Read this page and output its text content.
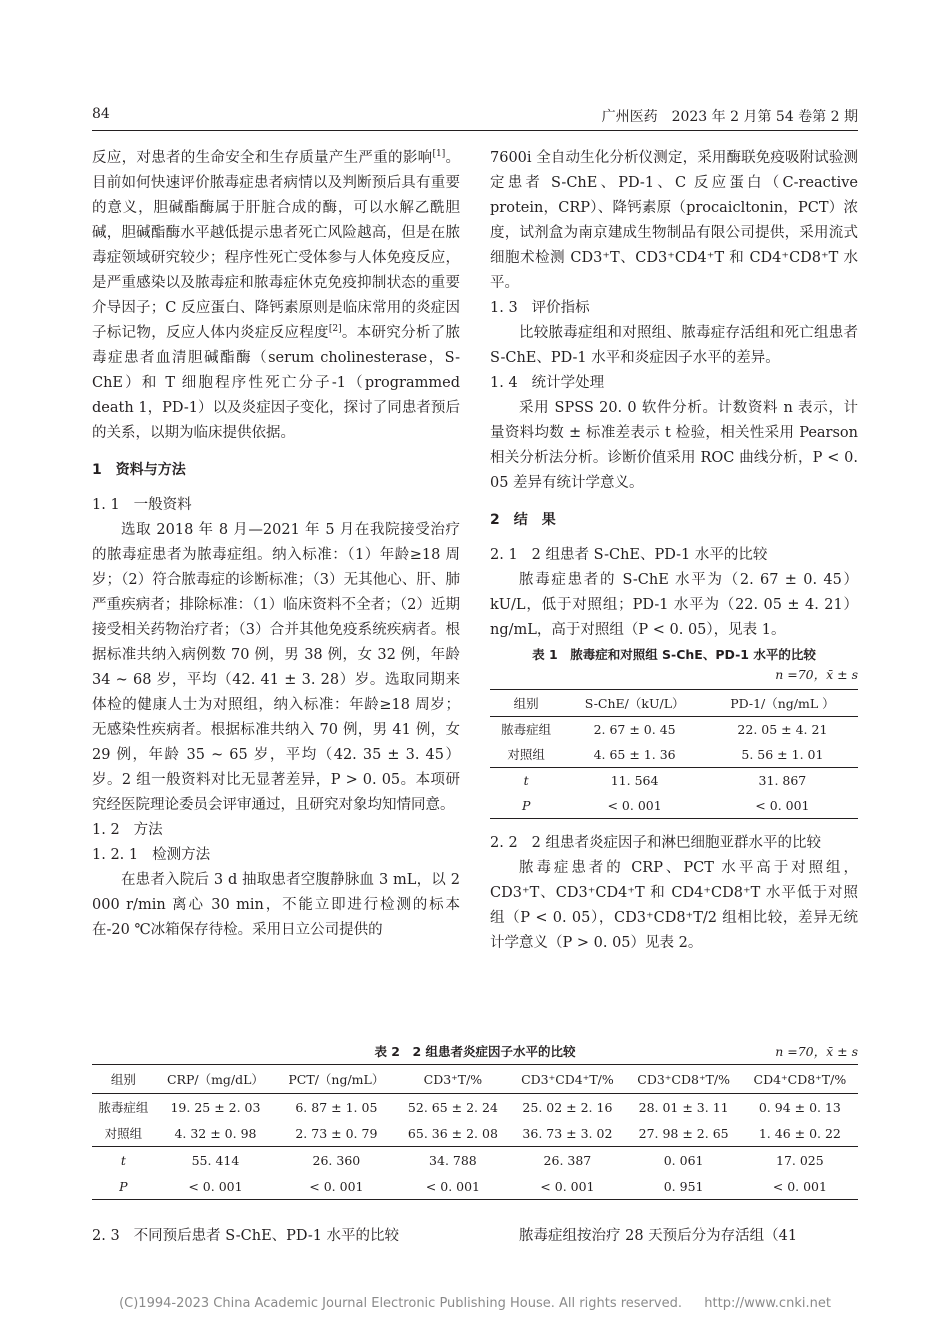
84	广州医药　2023 年 2 月第 54 卷第 2 期

反应，对患者的生命安全和生存质量产生严重的影响[1]。目前如何快速评价脓毒症患者病情以及判断预后具有重要的意义，胆碱酯酶属于肝脏合成的酶，可以水解乙酰胆碱，胆碱酯酶水平越低提示患者死亡风险越高，但是在脓毒症领域研究较少；程序性死亡受体参与人体免疫反应，是严重感染以及脓毒症和脓毒症休克免疫抑制状态的重要介导因子；C 反应蛋白、降钙素原则是临床常用的炎症因子标记物，反应人体内炎症反应程度[2]。本研究分析了脓毒症患者血清胆碱酯酶（serum cholinesterase，S-ChE）和 T 细胞程序性死亡分子-1（programmed death 1，PD-1）以及炎症因子变化，探讨了同患者预后的关系，以期为临床提供依据。

1 资料与方法

1. 1 一般资料

选取 2018 年 8 月—2021 年 5 月在我院接受治疗的脓毒症患者为脓毒症组。纳入标准：（1）年龄≥18 周岁；（2）符合脓毒症的诊断标准；（3）无其他心、肝、肺严重疾病者；排除标准：（1）临床资料不全者；（2）近期接受相关药物治疗者；（3）合并其他免疫系统疾病者。根据标准共纳入病例数 70 例，男 38 例，女 32 例，年龄 34 ~ 68 岁，平均（42. 41 ± 3. 28）岁。选取同期来体检的健康人士为对照组，纳入标准：年龄≥18 周岁；无感染性疾病者。根据标准共纳入 70 例，男 41 例，女 29 例，年龄 35 ~ 65 岁，平均（42. 35 ± 3. 45）岁。2 组一般资料对比无显著差异，P > 0. 05。本项研究经医院理论委员会评审通过，且研究对象均知情同意。

1. 2 方法

1. 2. 1 检测方法

在患者入院后 3 d 抽取患者空腹静脉血 3 mL，以 2 000 r/min 离心 30 min，不能立即进行检测的标本在-20 ℃冰箱保存待检。采用日立公司提供的

7600i 全自动生化分析仪测定，采用酶联免疫吸附试验测定患者 S-ChE、PD-1、C 反应蛋白（C-reactive protein，CRP）、降钙素原（procaicltonin，PCT）浓度，试剂盒为南京建成生物制品有限公司提供，采用流式细胞术检测 CD3⁺T、CD3⁺CD4⁺T 和 CD4⁺CD8⁺T 水平。

1. 3 评价指标

比较脓毒症组和对照组、脓毒症存活组和死亡组患者 S-ChE、PD-1 水平和炎症因子水平的差异。

1. 4 统计学处理

采用 SPSS 20. 0 软件分析。计数资料 n 表示，计量资料均数 ± 标准差表示 t 检验，相关性采用 Pearson 相关分析法分析。诊断价值采用 ROC 曲线分析，P < 0. 05 差异有统计学意义。

2 结　果

2. 1 2 组患者 S-ChE、PD-1 水平的比较

脓毒症患者的 S-ChE 水平为（2. 67 ± 0. 45）kU/L，低于对照组；PD-1 水平为（22. 05 ± 4. 21）ng/mL，高于对照组（P < 0. 05），见表 1。

表 1　脓毒症和对照组 S-ChE、PD-1 水平的比较
n =70，x̄ ± s
组别	S-ChE/（kU/L）	PD-1/（ng/mL ）
脓毒症组	2. 67 ± 0. 45	22. 05 ± 4. 21
对照组	4. 65 ± 1. 36	5. 56 ± 1. 01
t	11. 564	31. 867
P	< 0. 001	< 0. 001

2. 2 2 组患者炎症因子和淋巴细胞亚群水平的比较

脓毒症患者的 CRP、PCT 水平高于对照组，CD3⁺T、CD3⁺CD4⁺T 和 CD4⁺CD8⁺T 水平低于对照组（P < 0. 05），CD3⁺CD8⁺T/2 组相比较，差异无统计学意义（P > 0. 05）见表 2。

表 2　2 组患者炎症因子水平的比较	n =70，x̄ ± s
组别	CRP/（mg/dL）	PCT/（ng/mL）	CD3⁺T/%	CD3⁺CD4⁺T/%	CD3⁺CD8⁺T/%	CD4⁺CD8⁺T/%
脓毒症组	19. 25 ± 2. 03	6. 87 ± 1. 05	52. 65 ± 2. 24	25. 02 ± 2. 16	28. 01 ± 3. 11	0. 94 ± 0. 13
对照组	4. 32 ± 0. 98	2. 73 ± 0. 79	65. 36 ± 2. 08	36. 73 ± 3. 02	27. 98 ± 2. 65	1. 46 ± 0. 22
t	55. 414	26. 360	34. 788	26. 387	0. 061	17. 025
P	< 0. 001	< 0. 001	< 0. 001	< 0. 001	0. 951	< 0. 001
2. 3 不同预后患者 S-ChE、PD-1 水平的比较	脓毒症组按治疗 28 天预后分为存活组（41
(C)1994-2023 China Academic Journal Electronic Publishing House. All rights reserved. http://www.cnki.net
